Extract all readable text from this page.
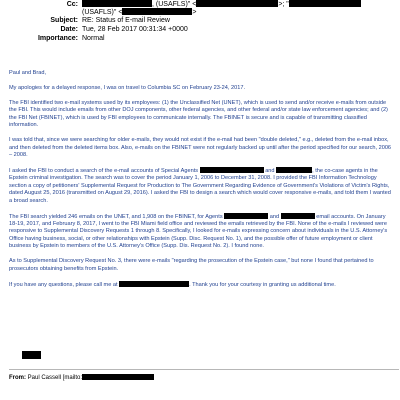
Cc:	, (USAFLS)" <	>; "
(USAFLS)" <	>
Subject: RE: Status of E-mail Review
Date: Tue, 28 Feb 2017 00:31:34 +0000
Importance: Normal

Paul and Brad,

My apologies for a delayed response, I was on travel to Columbia SC on February 23-24, 2017.

The FBI identified two e-mail systems used by its employees: (1) the Unclassified Net (UNET), which is used to send and/or receive e-mails from outside the FBI. This would include emails from other DOJ components, other federal agencies, and other federal and/or state law enforcement agencies; and (2) the FBI Net (FBINET), which is used by FBI employees to communicate internally. The FBINET is secure and is capable of transmitting classified information.

I was told that, since we were searching for older e-mails, they would not exist if the e-mail had been "double deleted," e.g., deleted from the e-mail inbox, and then deleted from the deleted items box. Also, e-mails on the FBINET were not regularly backed up until after the period specified for our search, 2006 – 2008.

I asked the FBI to conduct a search of the e-mail accounts of Special Agents	and	, the co-case agents in the Epstein criminal investigation. The search was to cover the period January 1, 2006 to December 31, 2008. I provided the FBI Information Technology section a copy of petitioners' Supplemental Request for Production to The Government Regarding Evidence of Government's Violations of Victim's Rights, dated August 25, 2016 (transmitted on August 29, 2016). I asked the FBI to design a search which would cover responsive e-mails, and told them I wanted a broad search.

The FBI search yielded 246 emails on the UNET, and 1,908 on the FBINET, for Agents	and	email accounts. On January 18-19, 2017, and February 8, 2017, I went to the FBI Miami field office and reviewed the emails retrieved by the FBI. None of the e-mails I reviewed were responsive to Supplemental Discovery Requests 1 through 8. Specifically, I looked for e-mails expressing concern about individuals in the U.S. Attorney's Office having business, social, or other relationships with Epstein (Supp. Disc. Request No. 1), and the possible offer of future employment or client business by Epstein to members of the U.S. Attorney's Office (Supp. Dis. Request No. 2). I found none.

As to Supplemental Discovery Request No. 3, there were e-mails "regarding the prosecution of the Epstein case," but none I found that pertained to prosecutors obtaining benefits from Epstein.

If you have any questions, please call me at	. Thank you for your courtesy in granting us additional time.

From: Paul Cassell [mailto:
